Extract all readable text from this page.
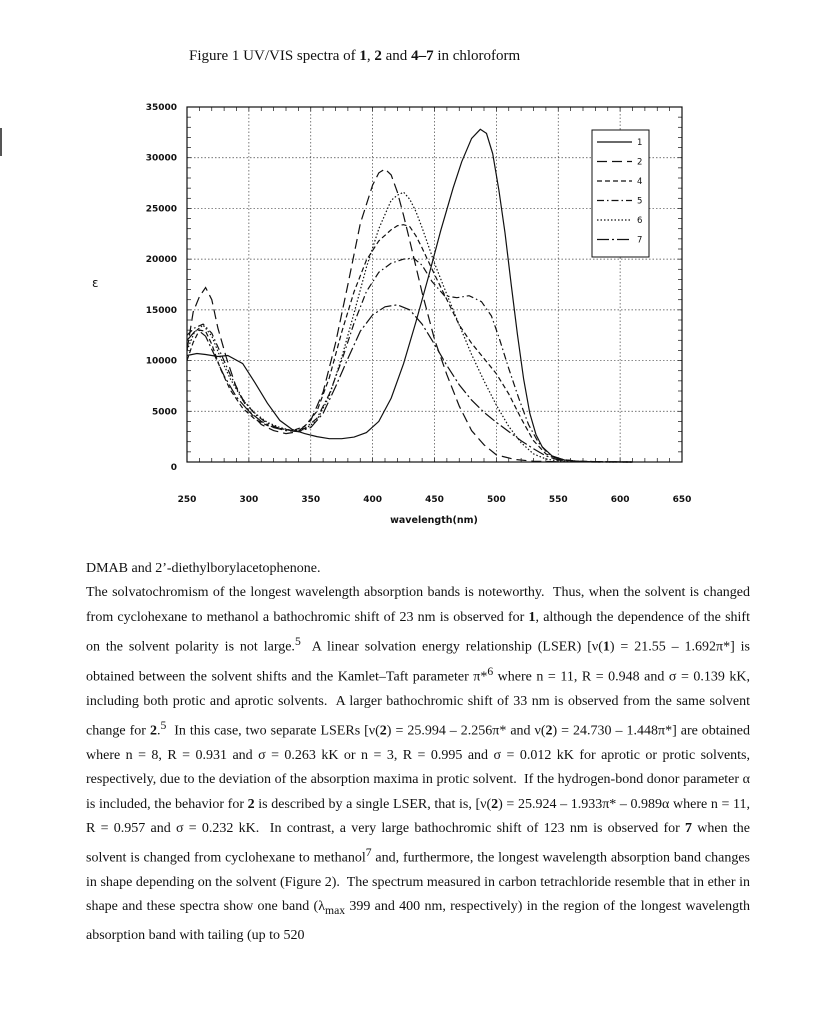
Figure 1 UV/VIS spectra of 1, 2 and 4–7 in chloroform
250	300	350	400	450	500	550	600	650
0
5000
10000
15000
20000
25000
30000
35000
wavelength(nm)
ε
1
2
4
5
6
7

DMAB and 2’-diethylborylacetophenone.

The solvatochromism of the longest wavelength absorption bands is noteworthy.  Thus, when the solvent is changed from cyclohexane to methanol a bathochromic shift of 23 nm is observed for 1, although the dependence of the shift on the solvent polarity is not large.$^5$  A linear solvation energy relationship (LSER) [ν(1) = 21.55 – 1.692π*] is obtained between the solvent shifts and the Kamlet–Taft parameter π*$^6$ where n = 11, R = 0.948 and σ = 0.139 kK, including both protic and aprotic solvents.  A larger bathochromic shift of 33 nm is observed from the same solvent change for 2.$^5$  In this case, two separate LSERs [ν(2) = 25.994 – 2.256π* and ν(2) = 24.730 – 1.448π*] are obtained where n = 8, R = 0.931 and σ = 0.263 kK or n = 3, R = 0.995 and σ = 0.012 kK for aprotic or protic solvents, respectively, due to the deviation of the absorption maxima in protic solvent.  If the hydrogen-bond donor parameter α is included, the behavior for 2 is described by a single LSER, that is, [ν(2) = 25.924 – 1.933π* – 0.989α where n = 11, R = 0.957 and σ = 0.232 kK.  In contrast, a very large bathochromic shift of 123 nm is observed for 7 when the solvent is changed from cyclohexane to methanol$^7$ and, furthermore, the longest wavelength absorption band changes in shape depending on the solvent (Figure 2).  The spectrum measured in carbon tetrachloride resemble that in ether in shape and these spectra show one band ($\lambda_{max}$ 399 and 400 nm, respectively) in the region of the longest wavelength absorption band with tailing (up to 520
